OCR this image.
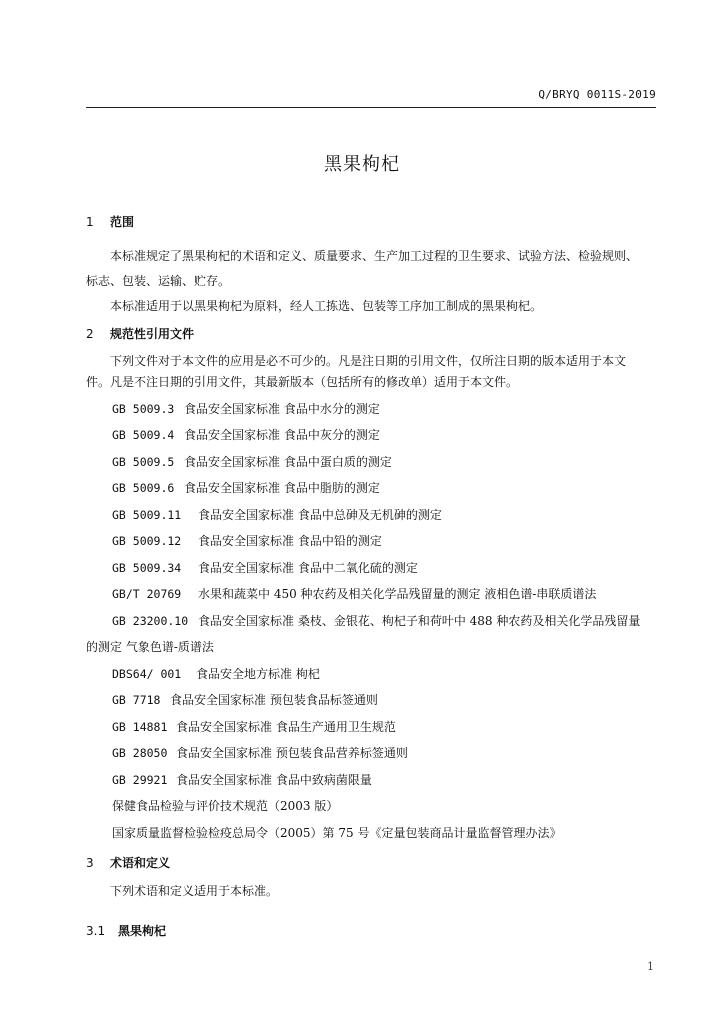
Q/BRYQ 0011S-2019
黑果枸杞
1 范围
本标准规定了黑果枸杞的术语和定义、质量要求、生产加工过程的卫生要求、试验方法、检验规则、
标志、包装、运输、贮存。
本标准适用于以黑果枸杞为原料，经人工拣选、包装等工序加工制成的黑果枸杞。
2 规范性引用文件
下列文件对于本文件的应用是必不可少的。凡是注日期的引用文件，仅所注日期的版本适用于本文
件。凡是不注日期的引用文件，其最新版本（包括所有的修改单）适用于本文件。
GB 5009.3 食品安全国家标准 食品中水分的测定
GB 5009.4 食品安全国家标准 食品中灰分的测定
GB 5009.5 食品安全国家标准 食品中蛋白质的测定
GB 5009.6 食品安全国家标准 食品中脂肪的测定
GB 5009.11 食品安全国家标准 食品中总砷及无机砷的测定
GB 5009.12 食品安全国家标准 食品中铅的测定
GB 5009.34 食品安全国家标准 食品中二氧化硫的测定
GB/T 20769 水果和蔬菜中 450 种农药及相关化学品残留量的测定 液相色谱-串联质谱法
GB 23200.10 食品安全国家标准 桑枝、金银花、枸杞子和荷叶中 488 种农药及相关化学品残留量
的测定 气象色谱-质谱法
DBS64/ 001 食品安全地方标准 枸杞
GB 7718 食品安全国家标准 预包装食品标签通则
GB 14881 食品安全国家标准 食品生产通用卫生规范
GB 28050 食品安全国家标准 预包装食品营养标签通则
GB 29921 食品安全国家标准 食品中致病菌限量
保健食品检验与评价技术规范（2003 版）
国家质量监督检验检疫总局令（2005）第 75 号《定量包装商品计量监督管理办法》
3 术语和定义
下列术语和定义适用于本标准。
3.1 黑果枸杞
1
